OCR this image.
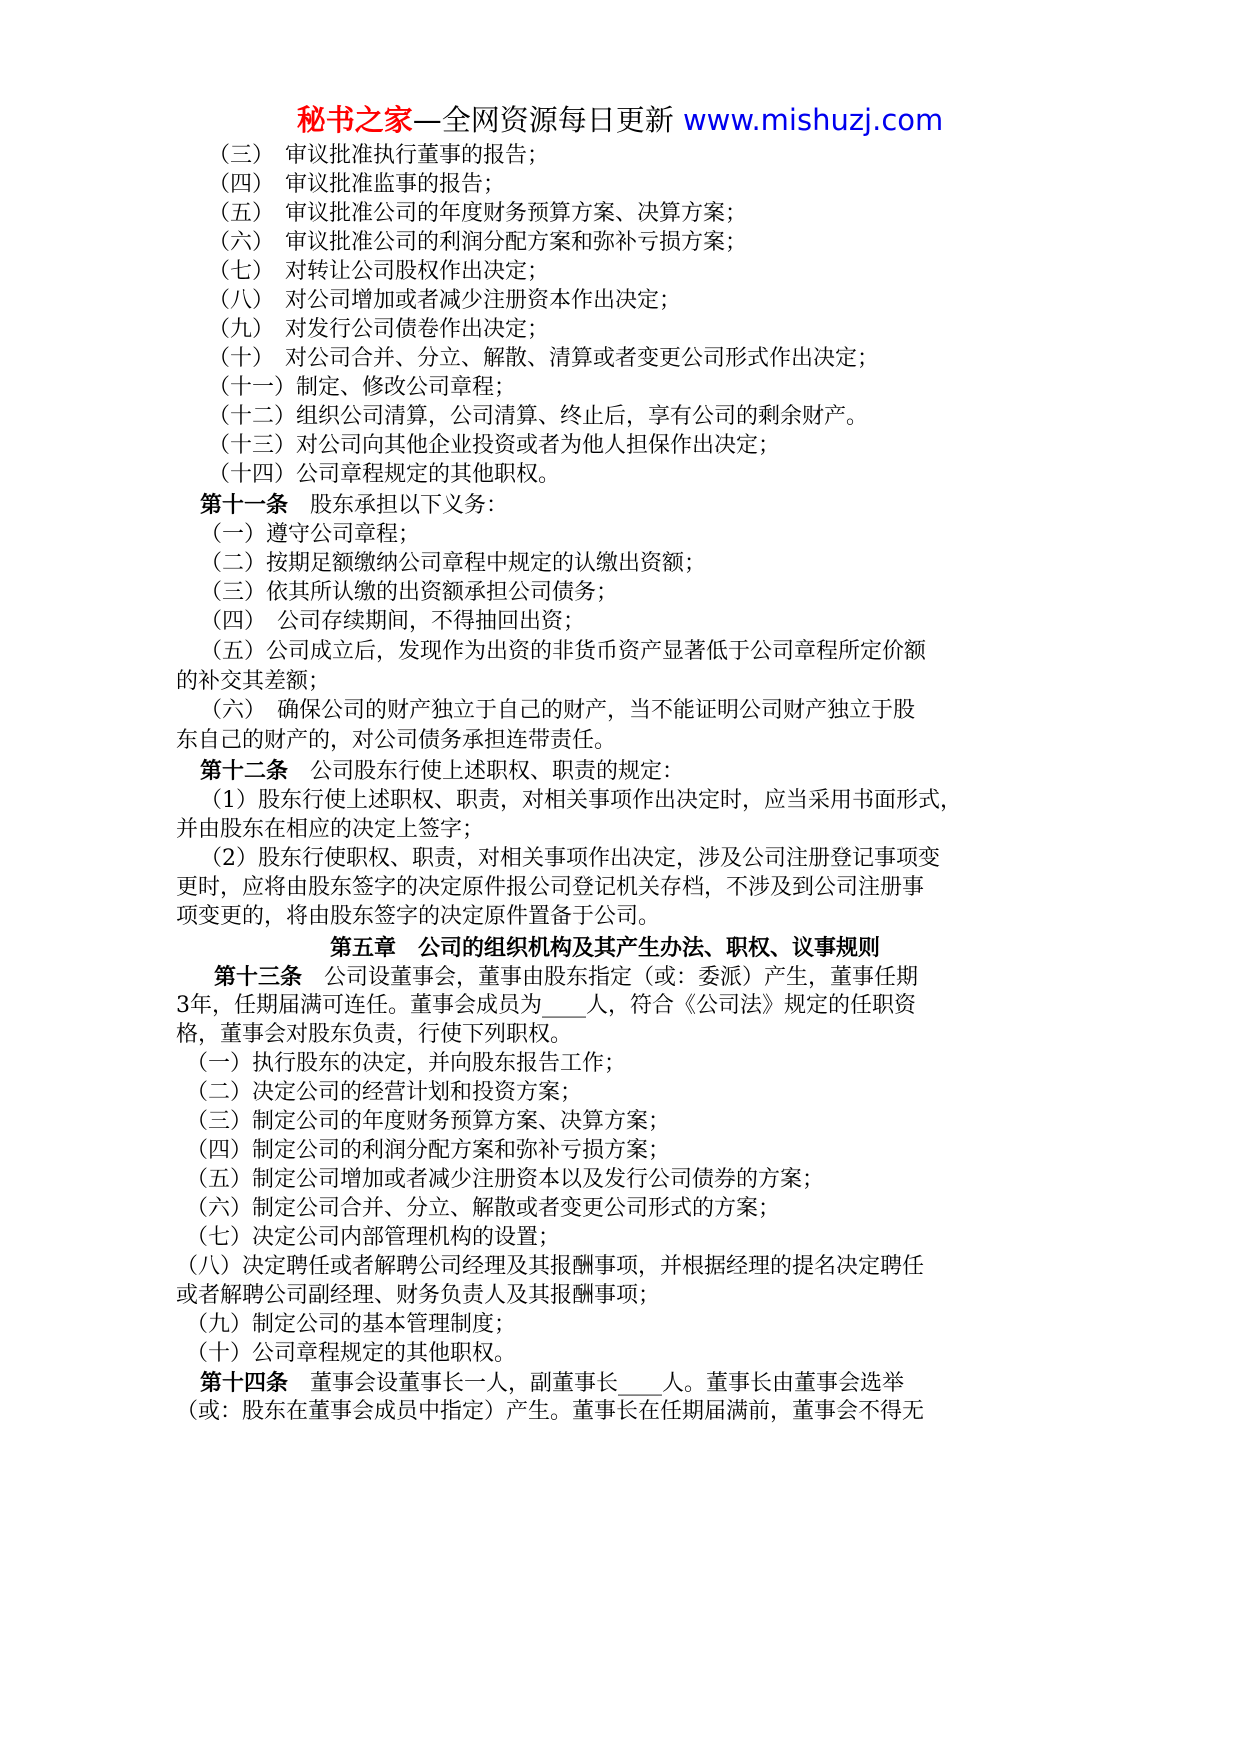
秘书之家—全网资源每日更新 www.mishuzj.com
（三）　审议批准执行董事的报告；
（四）　审议批准监事的报告；
（五）　审议批准公司的年度财务预算方案、决算方案；
（六）　审议批准公司的利润分配方案和弥补亏损方案；
（七）　对转让公司股权作出决定；
（八）　对公司增加或者减少注册资本作出决定；
（九）　对发行公司债卷作出决定；
（十）　对公司合并、分立、解散、清算或者变更公司形式作出决定；
（十一）制定、修改公司章程；
（十二）组织公司清算，公司清算、终止后，享有公司的剩余财产。
（十三）对公司向其他企业投资或者为他人担保作出决定；
（十四）公司章程规定的其他职权。
第十一条　股东承担以下义务：
（一）遵守公司章程；
（二）按期足额缴纳公司章程中规定的认缴出资额；
（三）依其所认缴的出资额承担公司债务；
（四）　公司存续期间，不得抽回出资；
（五）公司成立后，发现作为出资的非货币资产显著低于公司章程所定价额
的补交其差额；
（六）　确保公司的财产独立于自己的财产，当不能证明公司财产独立于股
东自己的财产的，对公司债务承担连带责任。
第十二条　公司股东行使上述职权、职责的规定：
（1）股东行使上述职权、职责，对相关事项作出决定时，应当采用书面形式，
并由股东在相应的决定上签字；
（2）股东行使职权、职责，对相关事项作出决定，涉及公司注册登记事项变
更时，应将由股东签字的决定原件报公司登记机关存档，不涉及到公司注册事
项变更的，将由股东签字的决定原件置备于公司。
第五章　公司的组织机构及其产生办法、职权、议事规则
第十三条　公司设董事会，董事由股东指定（或：委派）产生，董事任期
3年，任期届满可连任。董事会成员为____人，符合《公司法》规定的任职资
格，董事会对股东负责，行使下列职权。
（一）执行股东的决定，并向股东报告工作；
（二）决定公司的经营计划和投资方案；
（三）制定公司的年度财务预算方案、决算方案；
（四）制定公司的利润分配方案和弥补亏损方案；
（五）制定公司增加或者减少注册资本以及发行公司债券的方案；
（六）制定公司合并、分立、解散或者变更公司形式的方案；
（七）决定公司内部管理机构的设置；
（八）决定聘任或者解聘公司经理及其报酬事项，并根据经理的提名决定聘任
或者解聘公司副经理、财务负责人及其报酬事项；
（九）制定公司的基本管理制度；
（十）公司章程规定的其他职权。
第十四条　董事会设董事长一人，副董事长____人。董事长由董事会选举
（或：股东在董事会成员中指定）产生。董事长在任期届满前，董事会不得无
